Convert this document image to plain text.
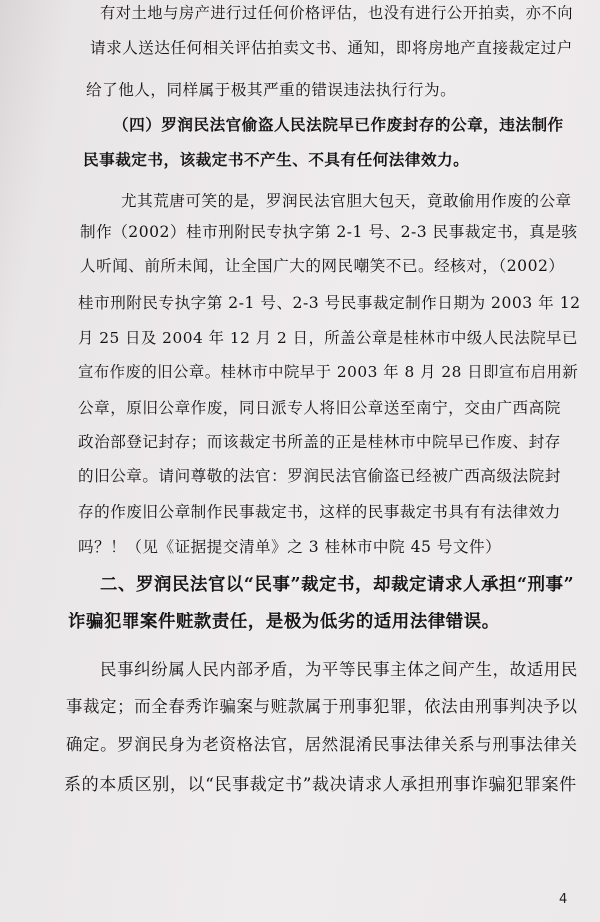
有对土地与房产进行过任何价格评估，也没有进行公开拍卖，亦不向
请求人送达任何相关评估拍卖文书、通知，即将房地产直接裁定过户
给了他人，同样属于极其严重的错误违法执行行为。
（四）罗润民法官偷盗人民法院早已作废封存的公章，违法制作
民事裁定书，该裁定书不产生、不具有任何法律效力。
尤其荒唐可笑的是，罗润民法官胆大包天，竟敢偷用作废的公章
制作（2002）桂市刑附民专执字第 2-1 号、2-3 民事裁定书，真是骇
人听闻、前所未闻，让全国广大的网民嘲笑不已。经核对，（2002）
桂市刑附民专执字第 2-1 号、2-3 号民事裁定制作日期为 2003 年 12
月 25 日及 2004 年 12 月 2 日，所盖公章是桂林市中级人民法院早已
宣布作废的旧公章。桂林市中院早于 2003 年 8 月 28 日即宣布启用新
公章，原旧公章作废，同日派专人将旧公章送至南宁，交由广西高院
政治部登记封存；而该裁定书所盖的正是桂林市中院早已作废、封存
的旧公章。请问尊敬的法官：罗润民法官偷盗已经被广西高级法院封
存的作废旧公章制作民事裁定书，这样的民事裁定书具有有法律效力
吗？！（见《证据提交清单》之 3 桂林市中院 45 号文件）
二、罗润民法官以“民事”裁定书，却裁定请求人承担“刑事”
诈骗犯罪案件赃款责任，是极为低劣的适用法律错误。
民事纠纷属人民内部矛盾，为平等民事主体之间产生，故适用民
事裁定；而全春秀诈骗案与赃款属于刑事犯罪，依法由刑事判决予以
确定。罗润民身为老资格法官，居然混淆民事法律关系与刑事法律关
系的本质区别，以“民事裁定书”裁决请求人承担刑事诈骗犯罪案件
4
